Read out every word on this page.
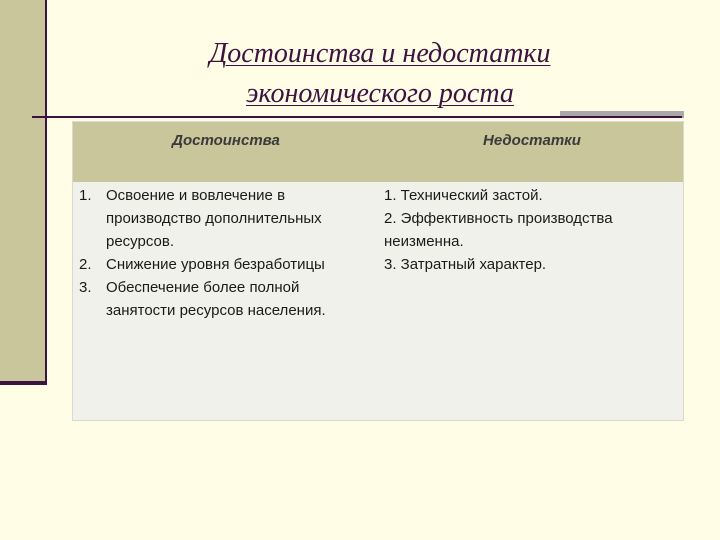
Достоинства и недостатки
экономического роста
Достоинства	Недостатки
1. Освоение и вовлечение в
производство дополнительных
ресурсов.
2. Снижение уровня безработицы
3. Обеспечение более полной
занятости ресурсов населения.
1. Технический застой.
2. Эффективность производства
неизменна.
3. Затратный характер.
